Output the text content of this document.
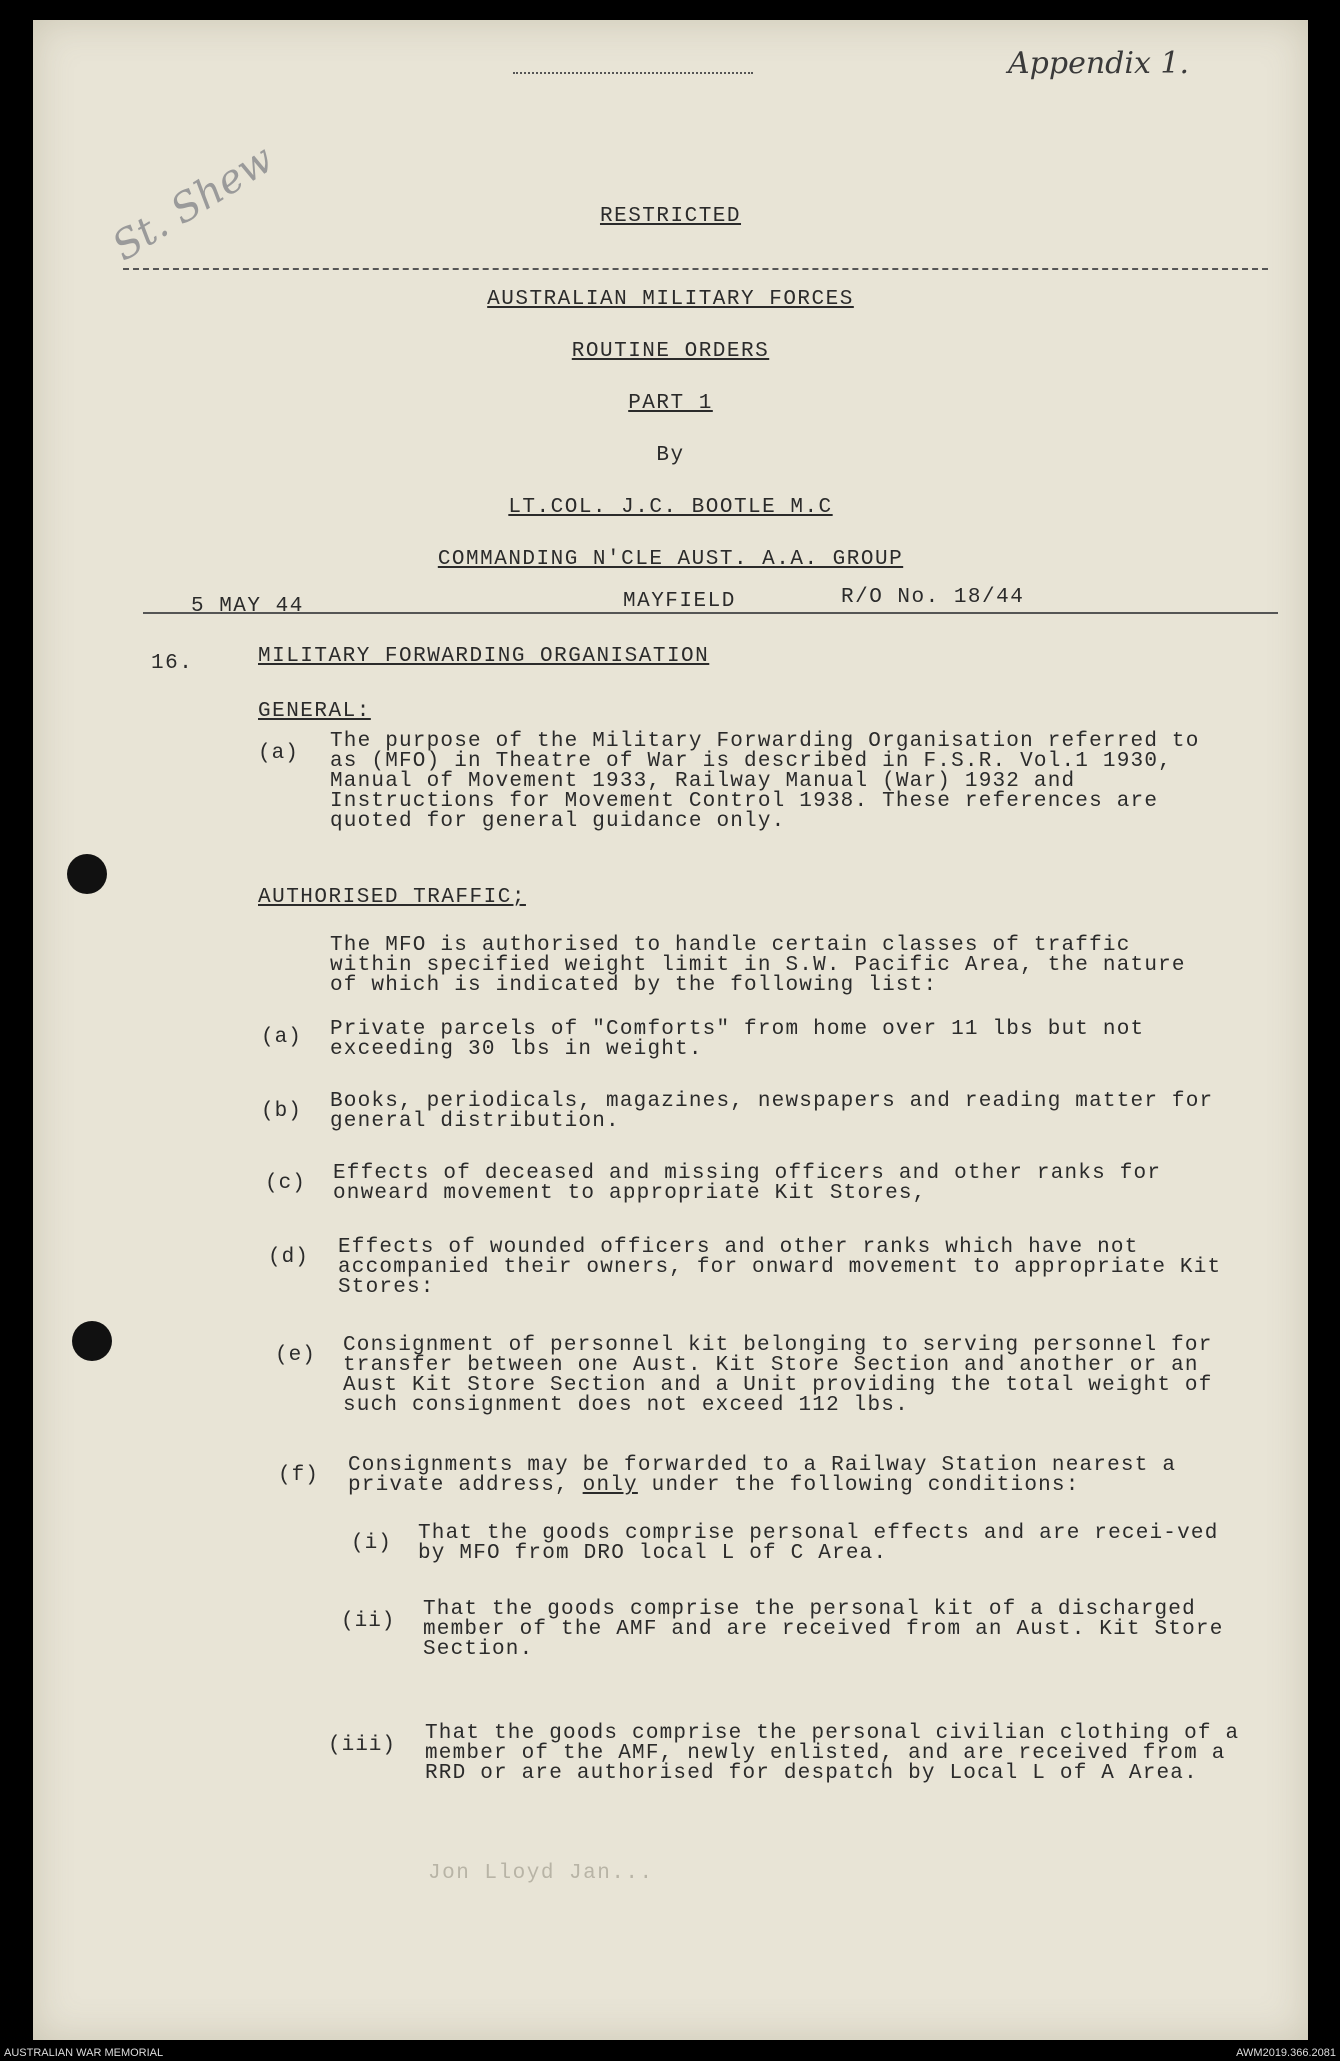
Appendix 1.
St. Shew	RESTRICTED
AUSTRALIAN MILITARY FORCES
ROUTINE ORDERS
PART 1
By
LT.COL. J.C. BOOTLE M.C
COMMANDING N'CLE AUST. A.A. GROUP
5 MAY 44	MAYFIELD	R/O No. 18/44
16.	MILITARY FORWARDING ORGANISATION
GENERAL:
(a)
The purpose of the Military Forwarding Organisation referred to as (MFO) in Theatre of War is described in F.S.R. Vol.1 1930, Manual of Movement 1933, Railway Manual (War) 1932 and Instructions for Movement Control 1938. These references are quoted for general guidance only.
AUTHORISED TRAFFIC;
The MFO is authorised to handle certain classes of traffic within specified weight limit in S.W. Pacific Area, the nature of which is indicated by the following list:
(a) Private parcels of "Comforts" from home over 11 lbs but not exceeding 30 lbs in weight.
(b) Books, periodicals, magazines, newspapers and reading matter for general distribution.
(c) Effects of deceased and missing officers and other ranks for onweard movement to appropriate Kit Stores,
(d) Effects of wounded officers and other ranks which have not accompanied their owners, for onward movement to appropriate Kit Stores:
(e) Consignment of personnel kit belonging to serving personnel for transfer between one Aust. Kit Store Section and another or an Aust Kit Store Section and a Unit providing the total weight of such consignment does not exceed 112 lbs.
(f) Consignments may be forwarded to a Railway Station nearest a private address, only under the following conditions:
(i) That the goods comprise personal effects and are recei-ved by MFO from DRO local L of C Area.
(ii)
That the goods comprise the personal kit of a discharged member of the AMF and are received from an Aust. Kit Store Section.
(iii)
That the goods comprise the personal civilian clothing of a member of the AMF, newly enlisted, and are received from a RRD or are authorised for despatch by Local L of A Area.
Jon Lloyd Jan...
AUSTRALIAN WAR MEMORIAL	AWM2019.366.2081
